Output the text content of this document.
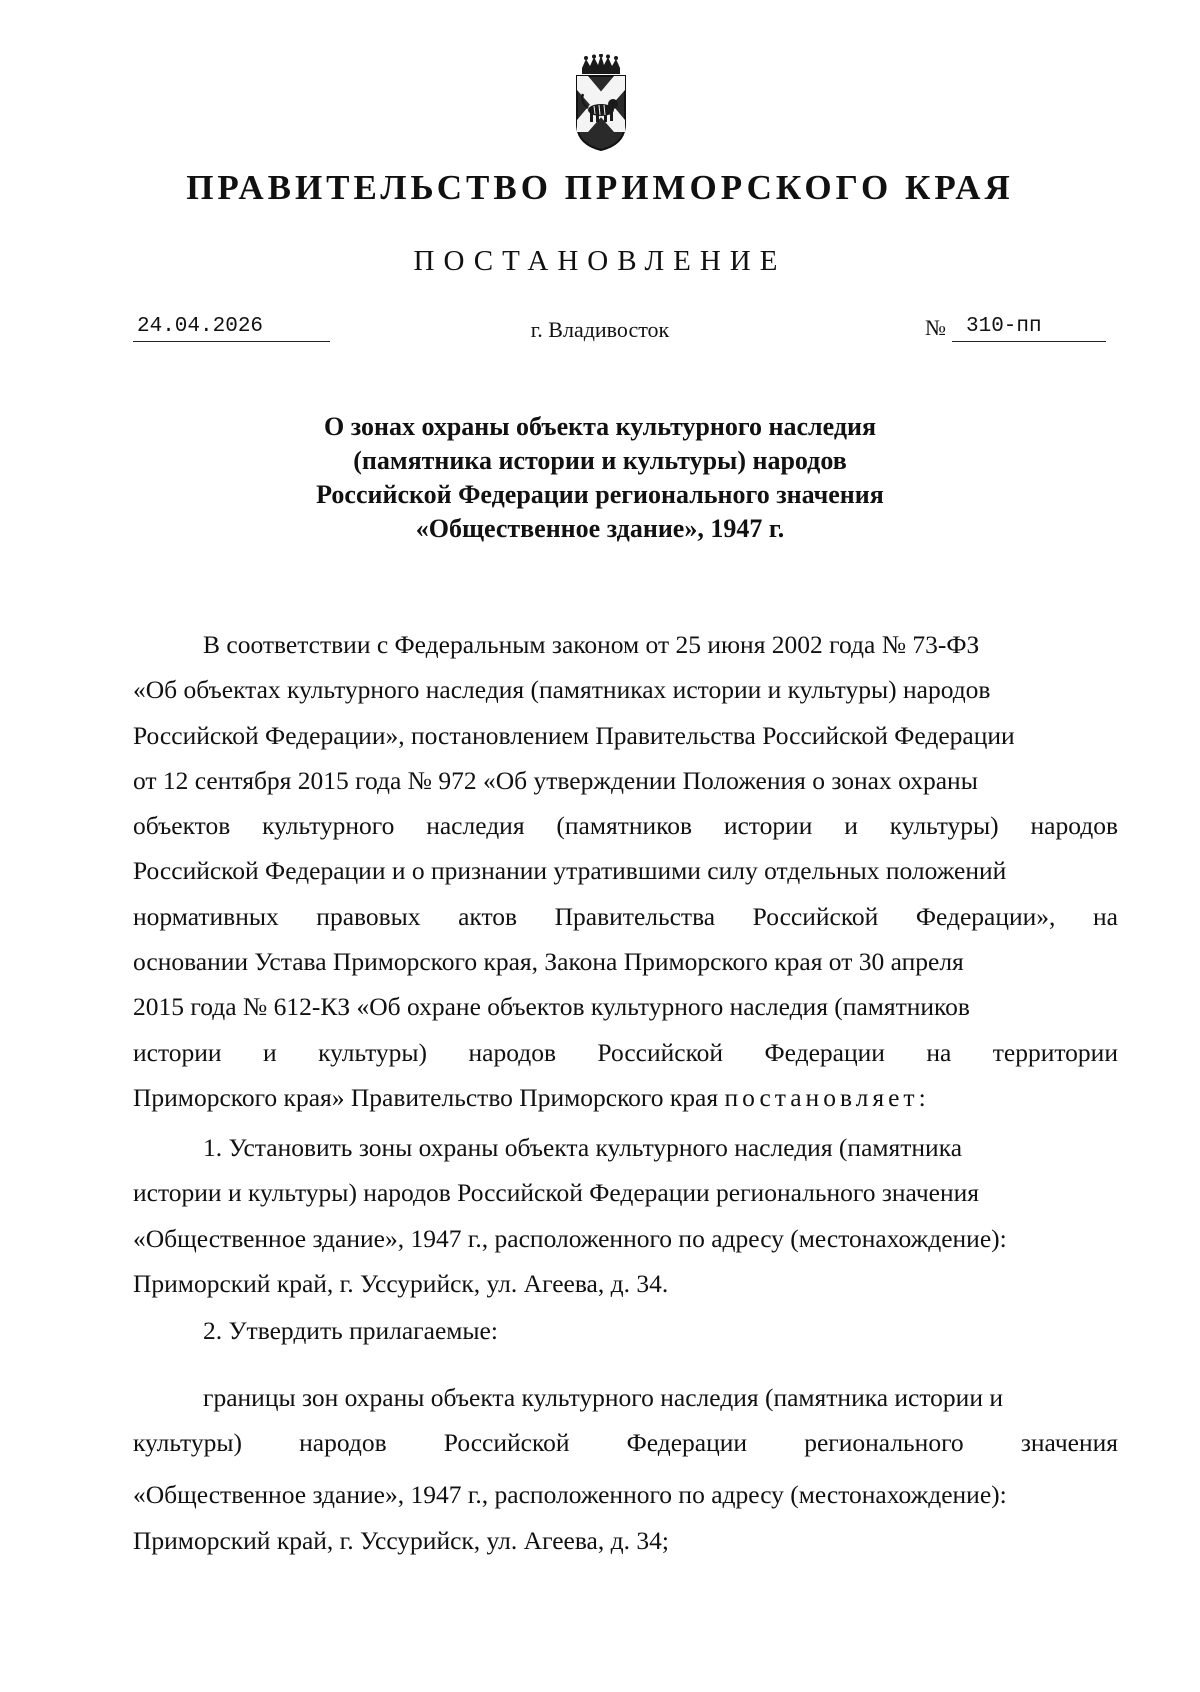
ПРАВИТЕЛЬСТВО ПРИМОРСКОГО КРАЯ
ПОСТАНОВЛЕНИЕ
24.04.2026	г. Владивосток	№ 310-пп
О зонах охраны объекта культурного наследия
(памятника истории и культуры) народов
Российской Федерации регионального значения
«Общественное здание», 1947 г.
В соответствии с Федеральным законом от 25 июня 2002 года № 73-ФЗ
«Об объектах культурного наследия (памятниках истории и культуры) народов
Российской Федерации», постановлением Правительства Российской Федерации
от 12 сентября 2015 года № 972 «Об утверждении Положения о зонах охраны
объектов культурного наследия (памятников истории и культуры) народов
Российской Федерации и о признании утратившими силу отдельных положений
нормативных правовых актов Правительства Российской Федерации», на
основании Устава Приморского края, Закона Приморского края от 30 апреля
2015 года № 612-КЗ «Об охране объектов культурного наследия (памятников
истории и культуры) народов Российской Федерации на территории
Приморского края» Правительство Приморского края постановляет:
1. Установить зоны охраны объекта культурного наследия (памятника
истории и культуры) народов Российской Федерации регионального значения
«Общественное здание», 1947 г., расположенного по адресу (местонахождение):
Приморский край, г. Уссурийск, ул. Агеева, д. 34.
2. Утвердить прилагаемые:
границы зон охраны объекта культурного наследия (памятника истории и
культуры) народов Российской Федерации регионального значения
«Общественное здание», 1947 г., расположенного по адресу (местонахождение):
Приморский край, г. Уссурийск, ул. Агеева, д. 34;
